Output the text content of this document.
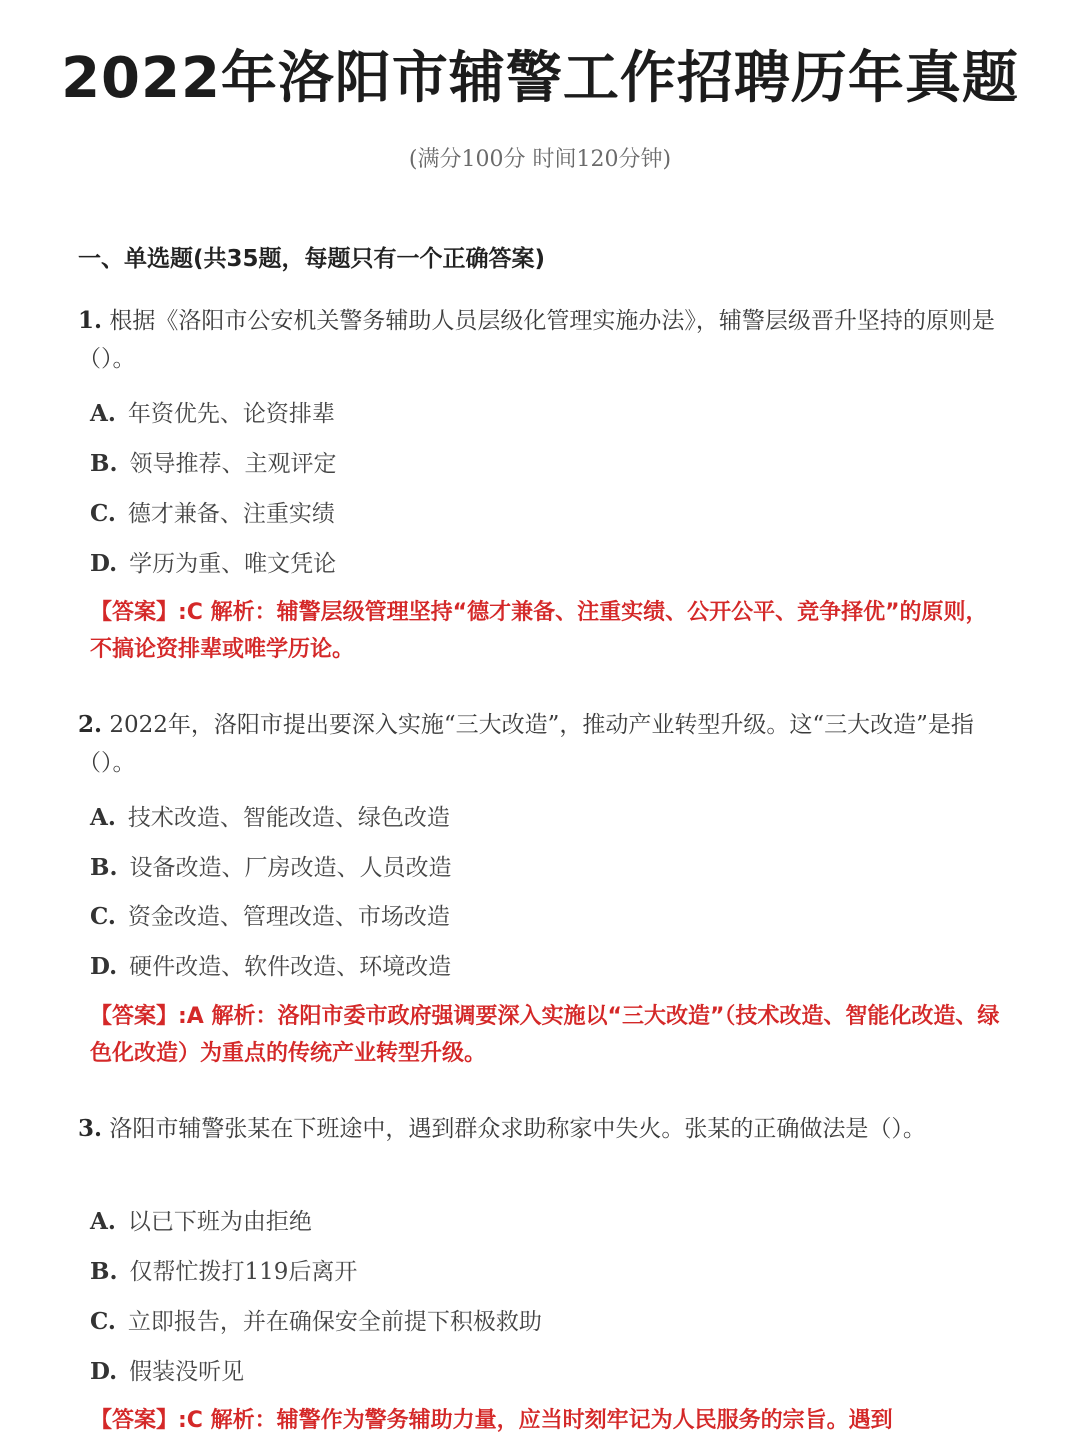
2022年洛阳市辅警工作招聘历年真题
(满分100分 时间120分钟)
一、单选题(共35题，每题只有一个正确答案)
1. 根据《洛阳市公安机关警务辅助人员层级化管理实施办法》，辅警层级晋升坚持的原则是（）。
A. 年资优先、论资排辈
B. 领导推荐、主观评定
C. 德才兼备、注重实绩
D. 学历为重、唯文凭论
【答案】:C 解析：辅警层级管理坚持“德才兼备、注重实绩、公开公平、竞争择优”的原则，不搞论资排辈或唯学历论。
2. 2022年，洛阳市提出要深入实施“三大改造”，推动产业转型升级。这“三大改造”是指（）。
A. 技术改造、智能改造、绿色改造
B. 设备改造、厂房改造、人员改造
C. 资金改造、管理改造、市场改造
D. 硬件改造、软件改造、环境改造
【答案】:A 解析：洛阳市委市政府强调要深入实施以“三大改造”（技术改造、智能化改造、绿色化改造）为重点的传统产业转型升级。
3. 洛阳市辅警张某在下班途中，遇到群众求助称家中失火。张某的正确做法是（）。
A. 以已下班为由拒绝
B. 仅帮忙拨打119后离开
C. 立即报告，并在确保安全前提下积极救助
D. 假装没听见
【答案】:C 解析：辅警作为警务辅助力量，应当时刻牢记为人民服务的宗旨。遇到
